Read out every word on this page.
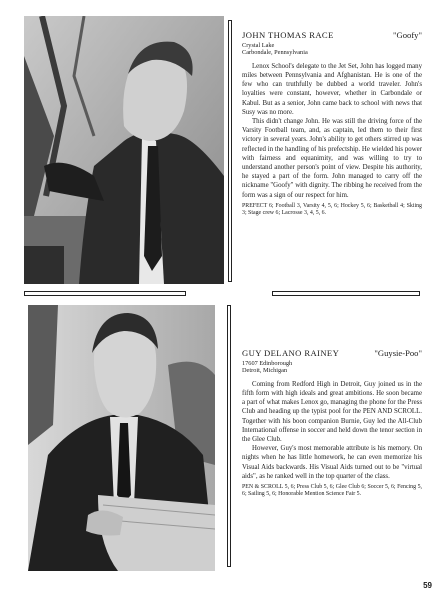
JOHN THOMAS RACE	"Goofy"
Crystal Lake
Carbondale, Pennsylvania

Lenox School's delegate to the Jet Set, John has logged many miles between Pennsylvania and Afghanistan. He is one of the few who can truthfully be dubbed a world traveler. John's loyalties were constant, however, whether in Carbondale or Kabul. But as a senior, John came back to school with news that Susy was no more.

This didn't change John. He was still the driving force of the Varsity Football team, and, as captain, led them to their first victory in several years. John's ability to get others stirred up was reflected in the handling of his prefectship. He wielded his power with fairness and equanimity, and was willing to try to understand another person's point of view. Despite his authority, he stayed a part of the form. John managed to carry off the nickname "Goofy" with dignity. The ribbing he received from the form was a sign of our respect for him.

PREFECT 6; Football 3, Varsity 4, 5, 6; Hockey 5, 6; Basketball 4; Skiing 3; Stage crew 6; Lacrosse 3, 4, 5, 6.
GUY DELANO RAINEY	"Guysie-Poo"
17607 Edinborough
Detroit, Michigan

Coming from Redford High in Detroit, Guy joined us in the fifth form with high ideals and great ambitions. He soon became a part of what makes Lenox go, managing the phone for the Press Club and heading up the typist pool for the PEN AND SCROLL. Together with his boon companion Burnie, Guy led the All-Club International offense in soccer and held down the tenor section in the Glee Club.

However, Guy's most memorable attribute is his memory. On nights when he has little homework, he can even memorize his Visual Aids backwards. His Visual Aids turned out to be "virtual aids", as he ranked well in the top quarter of the class.

PEN & SCROLL 5, 6; Press Club 5, 6; Glee Club 6; Soccer 5, 6; Fencing 5, 6; Sailing 5, 6; Honorable Mention Science Fair 5.
59
